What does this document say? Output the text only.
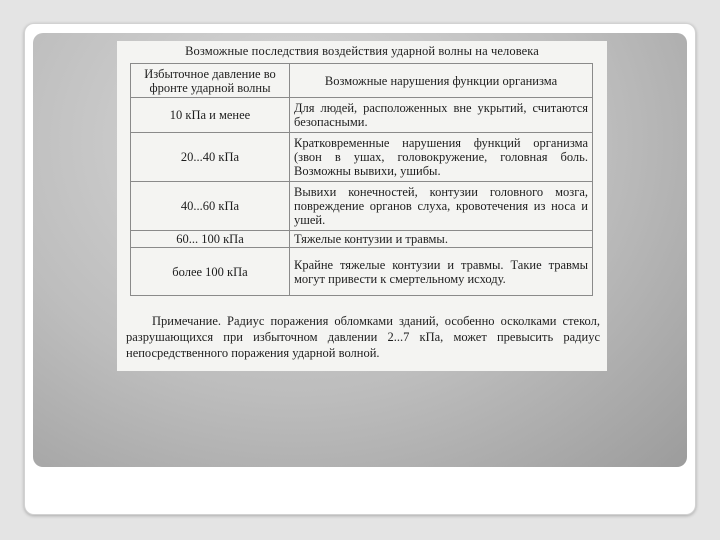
Возможные последствия воздействия ударной волны на человека
Избыточное давление во фронте ударной волны	Возможные нарушения функции организма
10 кПа и менее	Для людей, расположенных вне укрытий, считаются безопасными.
20...40 кПа	Кратковременные нарушения функций организма (звон в ушах, головокружение, головная боль. Возможны вывихи, ушибы.
40...60 кПа	Вывихи конечностей, контузии головного мозга, повреждение органов слуха, кровотечения из носа и ушей.
60... 100 кПа	Тяжелые контузии и травмы.
более 100 кПа	Крайне тяжелые контузии и травмы. Такие травмы могут привести к смертельному исходу.
Примечание. Радиус поражения обломками зданий, особенно осколками стекол, разрушающихся при избыточном давлении 2...7 кПа, может превысить радиус непосредственного поражения ударной волной.
